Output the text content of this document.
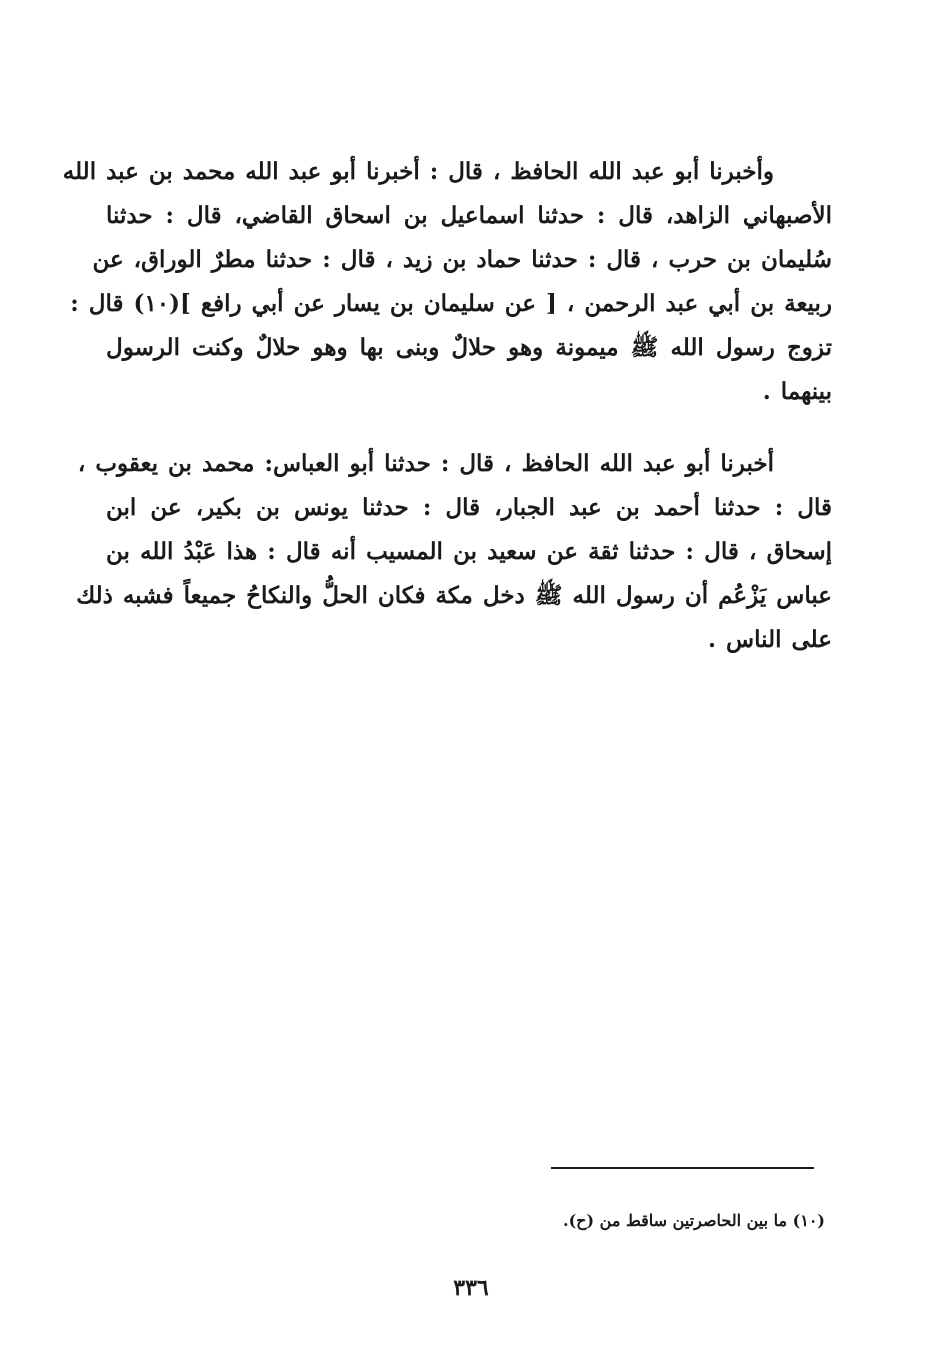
وأخبرنا أبو عبد الله الحافظ ، قال : أخبرنا أبو عبد الله محمد بن عبد الله
الأصبهاني الزاهد، قال : حدثنا اسماعيل بن اسحاق القاضي، قال : حدثنا
سُليمان بن حرب ، قال : حدثنا حماد بن زيد ، قال : حدثنا مطرٌ الوراق، عن
ربيعة بن أبي عبد الرحمن ، [ عن سليمان بن يسار عن أبي رافع ](١٠) قال :
تزوج رسول الله ﷺ ميمونة وهو حلالٌ وبنى بها وهو حلالٌ وكنت الرسول
بينهما .
أخبرنا أبو عبد الله الحافظ ، قال : حدثنا أبو العباس: محمد بن يعقوب ،
قال : حدثنا أحمد بن عبد الجبار، قال : حدثنا يونس بن بكير، عن ابن
إسحاق ، قال : حدثنا ثقة عن سعيد بن المسيب أنه قال : هذا عَبْدُ الله بن
عباس يَزْعُم أن رسول الله ﷺ دخل مكة فكان الحلُّ والنكاحُ جميعاً فشبه ذلك
على الناس .
(١٠) ما بين الحاصرتين ساقط من (ح).
٣٣٦
